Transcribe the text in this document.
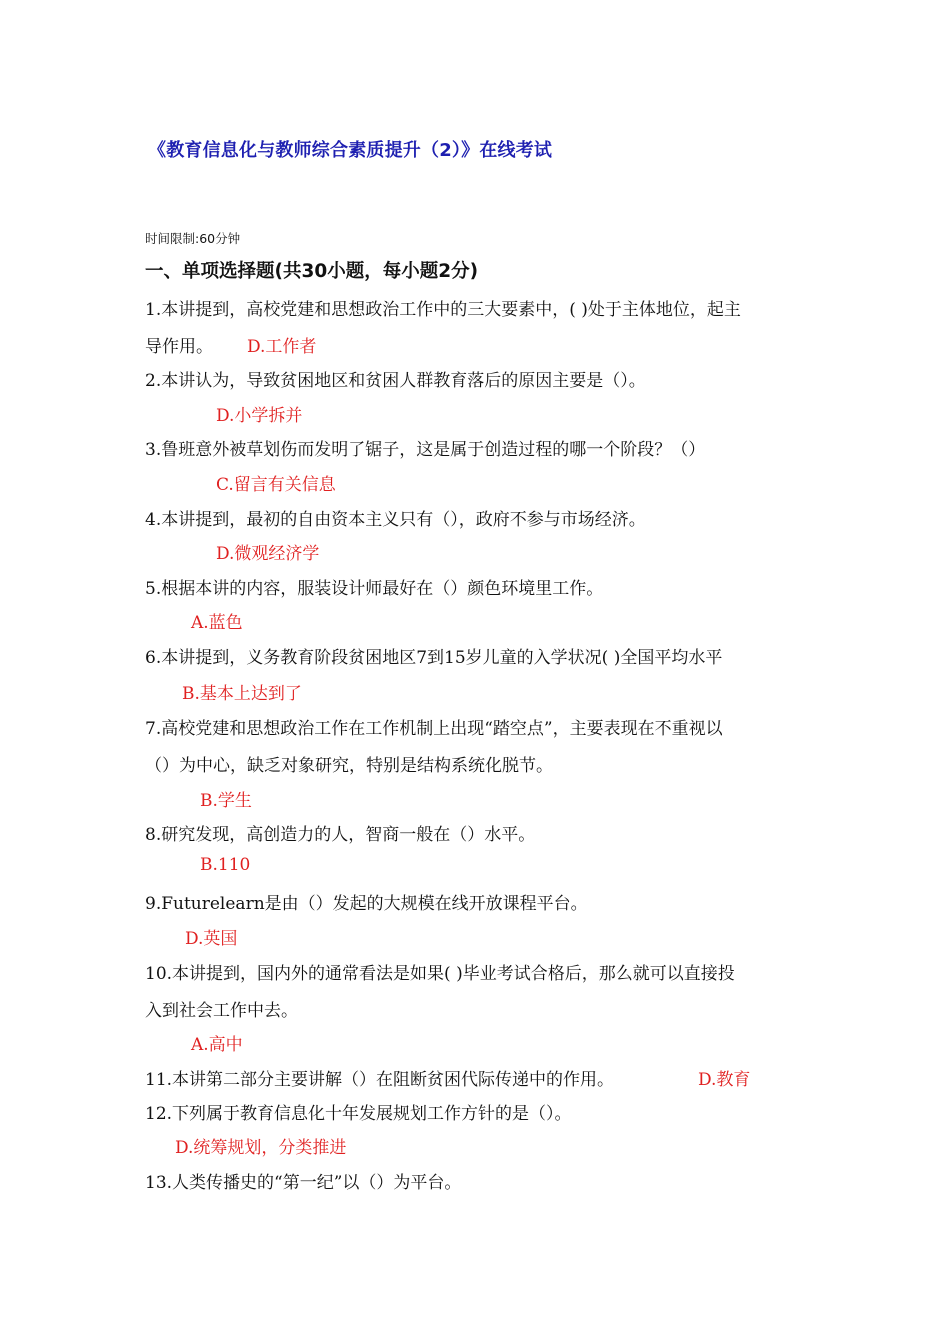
《教育信息化与教师综合素质提升（2）》在线考试
时间限制:60分钟
一、单项选择题(共30小题，每小题2分)
1.本讲提到，高校党建和思想政治工作中的三大要素中，( )处于主体地位，起主
导作用。 D.工作者
2.本讲认为，导致贫困地区和贫困人群教育落后的原因主要是（）。
D.小学拆并
3.鲁班意外被草划伤而发明了锯子，这是属于创造过程的哪一个阶段？（）
C.留言有关信息
4.本讲提到，最初的自由资本主义只有（），政府不参与市场经济。
D.微观经济学
5.根据本讲的内容，服装设计师最好在（）颜色环境里工作。
A.蓝色
6.本讲提到，义务教育阶段贫困地区7到15岁儿童的入学状况( )全国平均水平
B.基本上达到了
7.高校党建和思想政治工作在工作机制上出现“踏空点”，主要表现在不重视以
（）为中心，缺乏对象研究，特别是结构系统化脱节。
B.学生
8.研究发现，高创造力的人，智商一般在（）水平。
B.110
9.Futurelearn是由（）发起的大规模在线开放课程平台。
D.英国
10.本讲提到，国内外的通常看法是如果( )毕业考试合格后，那么就可以直接投
入到社会工作中去。
A.高中
11.本讲第二部分主要讲解（）在阻断贫困代际传递中的作用。	D.教育
12.下列属于教育信息化十年发展规划工作方针的是（）。
D.统筹规划，分类推进
13.人类传播史的“第一纪”以（）为平台。
